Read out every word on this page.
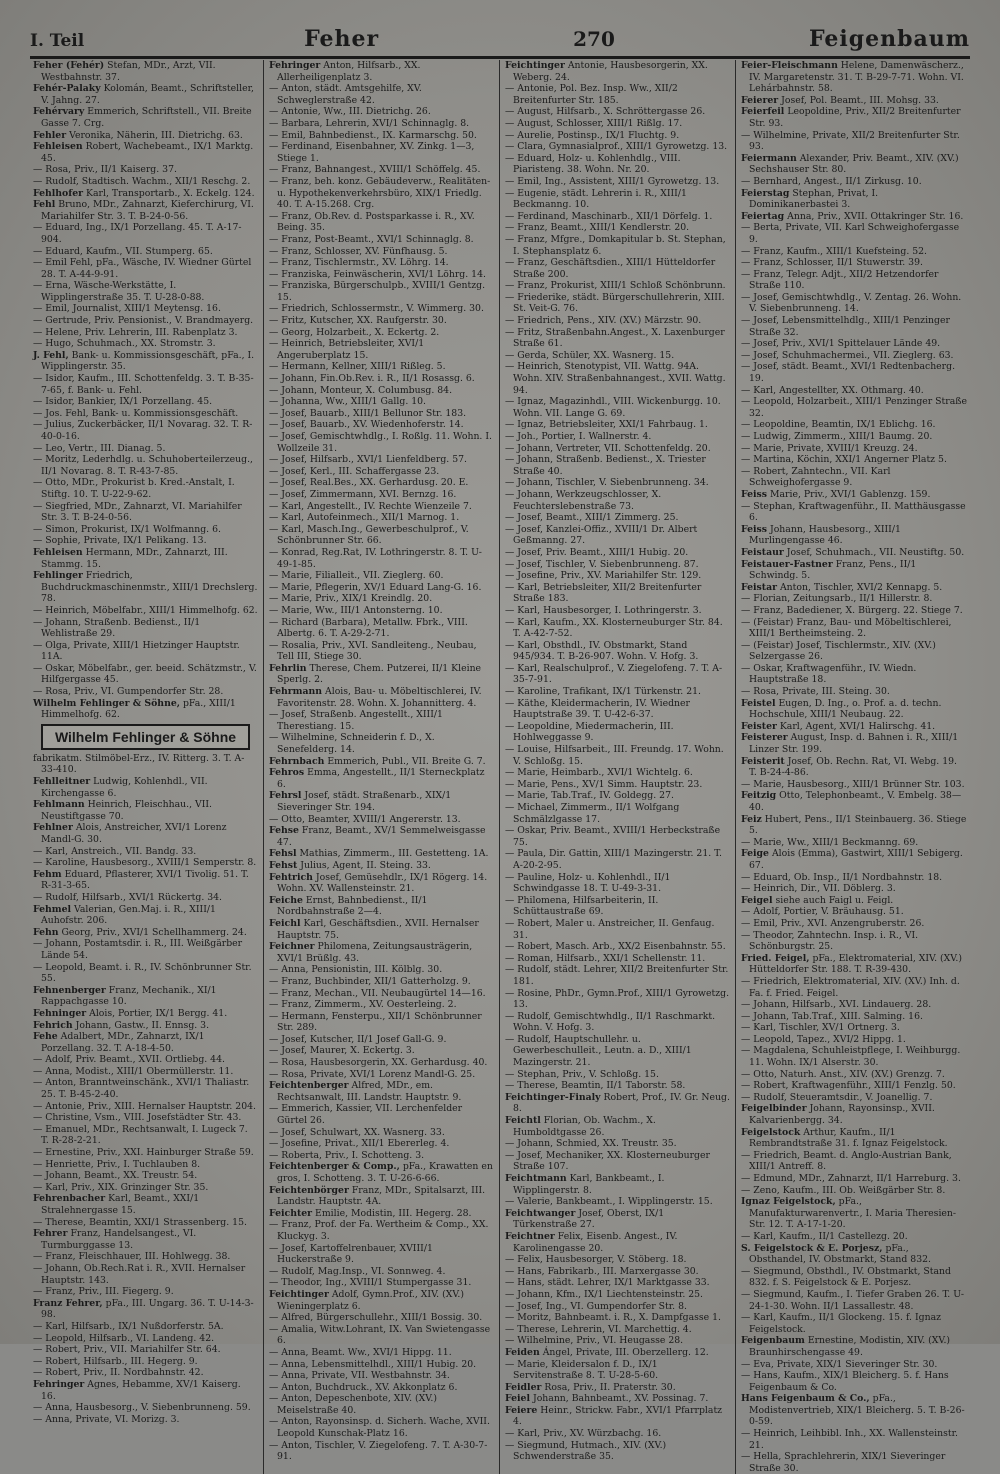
I. Teil	Feher	270	Feigenbaum

Feher (Fehér) Stefan, MDr., Arzt, VII. Westbahnstr. 37.

Fehér-Palaky Kolomán, Beamt., Schriftsteller, V. Jahng. 27.

Fehérvary Emmerich, Schriftstell., VII. Breite Gasse 7. Crg.

Fehler Veronika, Näherin, III. Dietrichg. 63.

Fehleisen Robert, Wachebeamt., IX/1 Marktg. 45.

— Rosa, Priv., II/1 Kaiserg. 37.

— Rudolf, Stadtisch. Wachm., XII/1 Reschg. 2.

Fehlhofer Karl, Transportarb., X. Eckelg. 124.

Fehl Bruno, MDr., Zahnarzt, Kieferchirurg, VI. Mariahilfer Str. 3. T. B-24-0-56.

— Eduard, Ing., IX/1 Porzellang. 45. T. A-17-904.

— Eduard, Kaufm., VII. Stumperg. 65.

— Emil Fehl, pFa., Wäsche, IV. Wiedner Gürtel 28. T. A-44-9-91.

— Erna, Wäsche-Werkstätte, I. Wipplingerstraße 35. T. U-28-0-88.

— Emil, Journalist, XIII/1 Meytensg. 16.

— Gertrude, Priv. Pensionist., V. Brandmayerg.

— Helene, Priv. Lehrerin, III. Rabenplatz 3.

— Hugo, Schuhmach., XX. Stromstr. 3.

J. Fehl, Bank- u. Kommissionsgeschäft, pFa., I. Wipplingerstr. 35.

— Isidor, Kaufm., III. Schottenfeldg. 3. T. B-35-7-65, f. Bank- u. Fehl.

— Isidor, Bankier, IX/1 Porzellang. 45.

— Jos. Fehl, Bank- u. Kommissionsgeschäft.

— Julius, Zuckerbäcker, II/1 Novarag. 32. T. R-40-0-16.

— Leo, Vertr., III. Dianag. 5.

— Moritz, Lederhdlg. u. Schuhoberteilerzeug., II/1 Novarag. 8. T. R-43-7-85.

— Otto, MDr., Prokurist b. Kred.-Anstalt, I. Stiftg. 10. T. U-22-9-62.

— Siegfried, MDr., Zahnarzt, VI. Mariahilfer Str. 3. T. B-24-0-56.

— Simon, Prokurist, IX/1 Wolfmanng. 6.

— Sophie, Private, IX/1 Pelikang. 13.

Fehleisen Hermann, MDr., Zahnarzt, III. Stammg. 15.

Fehlinger Friedrich, Buchdruckmaschinenmstr., XIII/1 Drechslerg. 78.

— Heinrich, Möbelfabr., XIII/1 Himmelhofg. 62.

— Johann, Straßenb. Bedienst., II/1 Wehlistraße 29.

— Olga, Private, XIII/1 Hietzinger Hauptstr. 11A.

— Oskar, Möbelfabr., ger. beeid. Schätzmstr., V. Hilfgergasse 45.

— Rosa, Priv., VI. Gumpendorfer Str. 28.

Wilhelm Fehlinger & Söhne, pFa., XIII/1 Himmelhofg. 62.

Wilhelm Fehlinger & Söhne

fabrikatm. Stilmöbel-Erz., IV. Ritterg. 3. T. A-33-410.

Fehlleitner Ludwig, Kohlenhdl., VII. Kirchengasse 6.

Fehlmann Heinrich, Fleischhau., VII. Neustiftgasse 70.

Fehlner Alois, Anstreicher, XVI/1 Lorenz Mandl-G. 30.

— Karl, Anstreich., VII. Bandg. 33.

— Karoline, Hausbesorg., XVIII/1 Semperstr. 8.

Fehm Eduard, Pflasterer, XVI/1 Tivolig. 51. T. R-31-3-65.

— Rudolf, Hilfsarb., XVI/1 Rückertg. 34.

Fehmel Valerian, Gen.Maj. i. R., XIII/1 Auhofstr. 206.

Fehn Georg, Priv., XVI/1 Schellhammerg. 24.

— Johann, Postamtsdir. i. R., III. Weißgärber Lände 54.

— Leopold, Beamt. i. R., IV. Schönbrunner Str. 55.

Fehnenberger Franz, Mechanik., XI/1 Rappachgasse 10.

Fehninger Alois, Portier, IX/1 Bergg. 41.

Fehrich Johann, Gastw., II. Ennsg. 3.

Fehe Adalbert, MDr., Zahnarzt, IX/1 Porzellang. 32. T. A-18-4-50.

— Adolf, Priv. Beamt., XVII. Ortliebg. 44.

— Anna, Modist., XIII/1 Obermüllerstr. 11.

— Anton, Branntweinschänk., XVI/1 Thaliastr. 25. T. B-45-2-40.

— Antonie, Priv., XIII. Hernalser Hauptstr. 204.

— Christine, Vsm., VIII. Josefstädter Str. 43.

— Emanuel, MDr., Rechtsanwalt, I. Lugeck 7. T. R-28-2-21.

— Ernestine, Priv., XXI. Hainburger Straße 59.

— Henriette, Priv., I. Tuchlauben 8.

— Johann, Beamt., XX. Treustr. 54.

— Karl, Priv., XIX. Grinzinger Str. 35.

Fehrenbacher Karl, Beamt., XXI/1 Stralehnergasse 15.

— Therese, Beamtin, XXI/1 Strassenberg. 15.

Fehrer Franz, Handelsangest., VI. Turmburggasse 13.

— Franz, Fleischhauer, III. Hohlwegg. 38.

— Johann, Ob.Rech.Rat i. R., XVII. Hernalser Hauptstr. 143.

— Franz, Priv., III. Fiegerg. 9.

Franz Fehrer, pFa., III. Ungarg. 36. T. U-14-3-98.

— Karl, Hilfsarb., IX/1 Nußdorferstr. 5A.

— Leopold, Hilfsarb., VI. Landeng. 42.

— Robert, Priv., VII. Mariahilfer Str. 64.

— Robert, Hilfsarb., III. Hegerg. 9.

— Robert, Priv., II. Nordbahnstr. 42.

Fehringer Agnes, Hebamme, XV/1 Kaiserg. 16.

— Anna, Hausbesorg., V. Siebenbrunneng. 59.

— Anna, Private, VI. Morizg. 3.

Fehringer Anton, Hilfsarb., XX. Allerheiligenplatz 3.

— Anton, städt. Amtsgehilfe, XV. Schweglerstraße 42.

— Antonie, Ww., III. Dietrichg. 26.

— Barbara, Lehrerin, XVI/1 Schinnaglg. 8.

— Emil, Bahnbedienst., IX. Karmarschg. 50.

— Ferdinand, Eisenbahner, XV. Zinkg. 1—3, Stiege 1.

— Franz, Bahnangest., XVIII/1 Schöffelg. 45.

— Franz, beh. konz. Gebäudeverw., Realitäten-u. Hypothekenverkehrsbüro, XIX/1 Friedlg. 40. T. A-15.268. Crg.

— Franz, Ob.Rev. d. Postsparkasse i. R., XV. Being. 35.

— Franz, Post-Beamt., XVI/1 Schinnaglg. 8.

— Franz, Schlosser, XV. Fünfhausg. 5.

— Franz, Tischlermstr., XV. Löhrg. 14.

— Franziska, Feinwäscherin, XVI/1 Löhrg. 14.

— Franziska, Bürgerschulpb., XVIII/1 Gentzg. 15.

— Friedrich, Schlossermstr., V. Wimmerg. 30.

— Fritz, Kutscher, XX. Raufgerstr. 30.

— Georg, Holzarbeit., X. Eckertg. 2.

— Heinrich, Betriebsleiter, XVI/1 Angeruberplatz 15.

— Hermann, Kellner, XIII/1 Rißleg. 5.

— Johann, Fin.Ob.Rev. i. R., II/1 Rosassg. 6.

— Johann, Monteur, X. Columbusg. 84.

— Johanna, Ww., XIII/1 Gallg. 10.

— Josef, Bauarb., XIII/1 Bellunor Str. 183.

— Josef, Bauarb., XV. Wiedenhoferstr. 14.

— Josef, Gemischtwhdlg., I. Roßlg. 11. Wohn. I. Wollzeile 31.

— Josef, Hilfsarb., XVI/1 Lienfeldberg. 57.

— Josef, Kerl., III. Schaffergasse 23.

— Josef, Real.Bes., XX. Gerhardusg. 20. E.

— Josef, Zimmermann, XVI. Bernzg. 16.

— Karl, Angestellt., IV. Rechte Wienzeile 7.

— Karl, Autofeinmech., XII/1 Marnog. 1.

— Karl, Masch.Ing., Gewerbeschulprof., V. Schönbrunner Str. 66.

— Konrad, Reg.Rat, IV. Lothringerstr. 8. T. U-49-1-85.

— Marie, Filialleit., VII. Zieglerg. 60.

— Marie, Pflegerin, XV/1 Eduard Lang-G. 16.

— Marie, Priv., XIX/1 Kreindlg. 20.

— Marie, Ww., III/1 Antonsterng. 10.

— Richard (Barbara), Metallw. Fbrk., VIII. Albertg. 6. T. A-29-2-71.

— Rosalia, Priv., XVI. Sandleiteng., Neubau, Tell III, Stiege 30.

Fehrlin Therese, Chem. Putzerei, II/1 Kleine Sperlg. 2.

Fehrmann Alois, Bau- u. Möbeltischlerei, IV. Favoritenstr. 28. Wohn. X. Johannitterg. 4.

— Josef, Straßenb. Angestellt., XIII/1 Therestiang. 15.

— Wilhelmine, Schneiderin f. D., X. Senefelderg. 14.

Fehrnbach Emmerich, Publ., VII. Breite G. 7.

Fehros Emma, Angestellt., II/1 Sterneckplatz 6.

Fehrsl Josef, städt. Straßenarb., XIX/1 Sieveringer Str. 194.

— Otto, Beamter, XVIII/1 Angererstr. 13.

Fehse Franz, Beamt., XV/1 Semmelweisgasse 47.

Fehsl Mathias, Zimmerm., III. Gestetteng. 1A.

Fehst Julius, Agent, II. Steing. 33.

Fehtrich Josef, Gemüsehdlr., IX/1 Rögerg. 14. Wohn. XV. Wallensteinstr. 21.

Feiche Ernst, Bahnbedienst., II/1 Nordbahnstraße 2—4.

Feichl Karl, Geschäftsdien., XVII. Hernalser Hauptstr. 75.

Feichner Philomena, Zeitungsausträgerin, XVI/1 Brüßlg. 43.

— Anna, Pensionistin, III. Kölblg. 30.

— Franz, Buchbinder, XII/1 Gatterholzg. 9.

— Franz, Mechan., VII. Neubaugürtel 14—16.

— Franz, Zimmerm., XV. Oesterleing. 2.

— Hermann, Fensterpu., XII/1 Schönbrunner Str. 289.

— Josef, Kutscher, II/1 Josef Gall-G. 9.

— Josef, Maurer, X. Eckertg. 3.

— Rosa, Hausbesorgerin, XX. Gerhardusg. 40.

— Rosa, Private, XVI/1 Lorenz Mandl-G. 25.

Feichtenberger Alfred, MDr., em. Rechtsanwalt, III. Landstr. Hauptstr. 9.

— Emmerich, Kassier, VII. Lerchenfelder Gürtel 26.

— Josef, Schulwart, XX. Wasnerg. 33.

— Josefine, Privat., XII/1 Ebererleg. 4.

— Roberta, Priv., I. Schotteng. 3.

Feichtenberger & Comp., pFa., Krawatten en gros, I. Schotteng. 3. T. U-26-6-66.

Feichtenbörger Franz, MDr., Spitalsarzt, III. Landstr. Hauptstr. 4A.

Feichter Emilie, Modistin, III. Hegerg. 28.

— Franz, Prof. der Fa. Wertheim & Comp., XX. Kluckyg. 3.

— Josef, Kartoffelrenbauer, XVIII/1 Huckerstraße 9.

— Rudolf, Mag.Insp., VI. Sonnweg. 4.

— Theodor, Ing., XVIII/1 Stumpergasse 31.

Feichtinger Adolf, Gymn.Prof., XIV. (XV.) Wieningerplatz 6.

— Alfred, Bürgerschullehr., XIII/1 Bossig. 30.

— Amalia, Witw.Lohrant, IX. Van Swietengasse 6.

— Anna, Beamt. Ww., XVI/1 Hippg. 11.

— Anna, Lebensmittelhdl., XIII/1 Hubig. 20.

— Anna, Private, VII. Westbahnstr. 34.

— Anton, Buchdruck., XV. Akkonplatz 6.

— Anton, Depeschenbote, XIV. (XV.) Meiselstraße 40.

— Anton, Rayonsinsp. d. Sicherh. Wache, XVII. Leopold Kunschak-Platz 16.

— Anton, Tischler, V. Ziegelofeng. 7. T. A-30-7-91.

Feichtinger Antonie, Hausbesorgerin, XX. Weberg. 24.

— Antonie, Pol. Bez. Insp. Ww., XII/2 Breitenfurter Str. 185.

— August, Hilfsarb., X. Schröttergasse 26.

— August, Schlosser, XIII/1 Rißlg. 17.

— Aurelie, Postinsp., IX/1 Fluchtg. 9.

— Clara, Gymnasialprof., XIII/1 Gyrowetzg. 13.

— Eduard, Holz- u. Kohlenhdlg., VIII. Piaristeng. 38. Wohn. Nr. 20.

— Emil, Ing., Assistent, XIII/1 Gyrowetzg. 13.

— Eugenie, städt. Lehrerin i. R., XIII/1 Beckmanng. 10.

— Ferdinand, Maschinarb., XII/1 Dörfelg. 1.

— Franz, Beamt., XIII/1 Kendlerstr. 20.

— Franz, Mfgre., Domkapitular b. St. Stephan, I. Stephansplatz 6.

— Franz, Geschäftsdien., XIII/1 Hütteldorfer Straße 200.

— Franz, Prokurist, XIII/1 Schloß Schönbrunn.

— Friederike, städt. Bürgerschullehrerin, XIII. St. Veit-G. 76.

— Friedrich, Pens., XIV. (XV.) Märzstr. 90.

— Fritz, Straßenbahn.Angest., X. Laxenburger Straße 61.

— Gerda, Schüler, XX. Wasnerg. 15.

— Heinrich, Stenotypist, VII. Wattg. 94A. Wohn. XIV. Straßenbahnangest., XVII. Wattg. 94.

— Ignaz, Magazinhdl., VIII. Wickenburgg. 10. Wohn. VII. Lange G. 69.

— Ignaz, Betriebsleiter, XXI/1 Fahrbaug. 1.

— Joh., Portier, I. Wallnerstr. 4.

— Johann, Vertreter, VII. Schottenfeldg. 20.

— Johann, Straßenb. Bedienst., X. Triester Straße 40.

— Johann, Tischler, V. Siebenbrunneng. 34.

— Johann, Werkzeugschlosser, X. Feuchterslebenstraße 73.

— Josef, Beamt., XIII/1 Zimmerg. 25.

— Josef, Kanzlei-Offiz., XVIII/1 Dr. Albert Geßmanng. 27.

— Josef, Priv. Beamt., XIII/1 Hubig. 20.

— Josef, Tischler, V. Siebenbrunneng. 87.

— Josefine, Priv., XV. Mariahilfer Str. 129.

— Karl, Betriebsleiter, XII/2 Breitenfurter Straße 183.

— Karl, Hausbesorger, I. Lothringerstr. 3.

— Karl, Kaufm., XX. Klosterneuburger Str. 84. T. A-42-7-52.

— Karl, Obsthdl., IV. Obstmarkt, Stand 945/934. T. B-26-907. Wohn. V. Hofg. 3.

— Karl, Realschulprof., V. Ziegelofeng. 7. T. A-35-7-91.

— Karoline, Trafikant, IX/1 Türkenstr. 21.

— Käthe, Kleidermacherin, IV. Wiedner Hauptstraße 39. T. U-42-6-37.

— Leopoldine, Miedermacherin, III. Hohlweggasse 9.

— Louise, Hilfsarbeit., III. Freundg. 17. Wohn. V. Schloßg. 15.

— Marie, Heimbarb., XVI/1 Wichtelg. 6.

— Marie, Pens., XV/1 Simm. Hauptstr. 23.

— Marie, Tab.Traf., IV. Goldegg. 27.

— Michael, Zimmerm., II/1 Wolfgang Schmälzlgasse 17.

— Oskar, Priv. Beamt., XVIII/1 Herbeckstraße 75.

— Paula, Dir. Gattin, XIII/1 Mazingerstr. 21. T. A-20-2-95.

— Pauline, Holz- u. Kohlenhdl., II/1 Schwindgasse 18. T. U-49-3-31.

— Philomena, Hilfsarbeiterin, II. Schüttaustraße 69.

— Robert, Maler u. Anstreicher, II. Genfaug. 31.

— Robert, Masch. Arb., XX/2 Eisenbahnstr. 55.

— Roman, Hilfsarb., XXI/1 Schellenstr. 11.

— Rudolf, städt. Lehrer, XII/2 Breitenfurter Str. 181.

— Rosine, PhDr., Gymn.Prof., XIII/1 Gyrowetzg. 13.

— Rudolf, Gemischtwhdlg., II/1 Raschmarkt. Wohn. V. Hofg. 3.

— Rudolf, Hauptschullehr. u. Gewerbeschulleit., Leutn. a. D., XIII/1 Mazingerstr. 21.

— Stephan, Priv., V. Schloßg. 15.

— Therese, Beamtin, II/1 Taborstr. 58.

Feichtinger-Finaly Robert, Prof., IV. Gr. Neug. 8.

Feichtl Florian, Ob. Wachm., X. Humboldtgasse 26.

— Johann, Schmied, XX. Treustr. 35.

— Josef, Mechaniker, XX. Klosterneuburger Straße 107.

Feichtmann Karl, Bankbeamt., I. Wipplingerstr. 8.

— Valerie, Bankbeamt., I. Wipplingerstr. 15.

Feichtwanger Josef, Oberst, IX/1 Türkenstraße 27.

Feichtner Felix, Eisenb. Angest., IV. Karolinengasse 20.

— Felix, Hausbesorger, V. Stöberg. 18.

— Hans, Fabrikarb., III. Marxergasse 30.

— Hans, städt. Lehrer, IX/1 Marktgasse 33.

— Johann, Kfm., IX/1 Liechtensteinstr. 25.

— Josef, Ing., VI. Gumpendorfer Str. 8.

— Moritz, Bahnbeamt. i. R., X. Dampfgasse 1.

— Therese, Lehrerin, VI. Marchettig. 4.

— Wilhelmine, Priv., VI. Heugasse 28.

Feiden Ángel, Private, III. Oberzellerg. 12.

— Marie, Kleidersalon f. D., IX/1 Servitenstraße 8. T. U-28-5-60.

Feidler Rosa, Priv., II. Praterstr. 30.

Feiel Johann, Bahnbeamt., XV. Possinag. 7.

Feiere Heinr., Strickw. Fabr., XVI/1 Pfarrplatz 4.

— Karl, Priv., XV. Würzbachg. 16.

— Siegmund, Hutmach., XIV. (XV.) Schwenderstraße 35.

Feier-Fleischmann Helene, Damenwäscherz., IV. Margaretenstr. 31. T. B-29-7-71. Wohn. VI. Lehárbahnstr. 58.

Feierer Josef, Pol. Beamt., III. Mohsg. 33.

Feierfeil Leopoldine, Priv., XII/2 Breitenfurter Str. 93.

— Wilhelmine, Private, XII/2 Breitenfurter Str. 93.

Feiermann Alexander, Priv. Beamt., XIV. (XV.) Sechshauser Str. 80.

— Bernhard, Angest., II/1 Zirkusg. 10.

Feierstag Stephan, Privat, I. Dominikanerbastei 3.

Feiertag Anna, Priv., XVII. Ottakringer Str. 16.

— Berta, Private, VII. Karl Schweighofergasse 9.

— Franz, Kaufm., XIII/1 Kuefsteing. 52.

— Franz, Schlosser, II/1 Stuwerstr. 39.

— Franz, Telegr. Adjt., XII/2 Hetzendorfer Straße 110.

— Josef, Gemischtwhdlg., V. Zentag. 26. Wohn. V. Siebenbrunneng. 14.

— Josef, Lebensmittelhdlg., XIII/1 Penzinger Straße 32.

— Josef, Priv., XVI/1 Spittelauer Lände 49.

— Josef, Schuhmachermei., VII. Zieglerg. 63.

— Josef, städt. Beamt., XVI/1 Redtenbacherg. 19.

— Karl, Angestellter, XX. Othmarg. 40.

— Leopold, Holzarbeit., XIII/1 Penzinger Straße 32.

— Leopoldine, Beamtin, IX/1 Eblichg. 16.

— Ludwig, Zimmerm., XIII/1 Baumg. 20.

— Marie, Private, XVIII/1 Kreuzg. 24.

— Martina, Köchin, XXI/1 Angerner Platz 5.

— Robert, Zahntechn., VII. Karl Schweighofergasse 9.

Feiss Marie, Priv., XVI/1 Gablenzg. 159.

— Stephan, Kraftwagenführ., II. Matthäusgasse 6.

Feiss Johann, Hausbesorg., XIII/1 Murlingengasse 46.

Feistaur Josef, Schuhmach., VII. Neustiftg. 50.

Feistauer-Fastner Franz, Pens., II/1 Schwindg. 5.

Feistar Anton, Tischler, XVI/2 Kennapg. 5.

— Florian, Zeitungsarb., II/1 Hillerstr. 8.

— Franz, Badediener, X. Bürgerg. 22. Stiege 7.

— (Feistar) Franz, Bau- und Möbeltischlerei, XIII/1 Bertheimsteing. 2.

— (Feistar) Josef, Tischlermstr., XIV. (XV.) Selzergasse 26.

— Oskar, Kraftwagenführ., IV. Wiedn. Hauptstraße 18.

— Rosa, Private, III. Steing. 30.

Feistel Eugen, D. Ing., o. Prof. a. d. techn. Hochschule, XIII/1 Neubaug. 22.

Feister Karl, Agent, XVI/1 Halirschg. 41.

Feisterer August, Insp. d. Bahnen i. R., XIII/1 Linzer Str. 199.

Feisterit Josef, Ob. Rechn. Rat, VI. Webg. 19. T. B-24-4-86.

— Marie, Hausbesorg., XIII/1 Brünner Str. 103.

Feitzig Otto, Telephonbeamt., V. Embelg. 38—40.

Feiz Hubert, Pens., II/1 Steinbauerg. 36. Stiege 5.

— Marie, Ww., XIII/1 Beckmanng. 69.

Feige Alois (Emma), Gastwirt, XIII/1 Sebigerg. 67.

— Eduard, Ob. Insp., II/1 Nordbahnstr. 18.

— Heinrich, Dir., VII. Döblerg. 3.

Feigel siehe auch Faigl u. Feigl.

— Adolf, Portier, V. Bräuhausg. 51.

— Emil, Priv., XVI. Anzengruberstr. 26.

— Theodor, Zahntechn. Insp. i. R., VI. Schönburgstr. 25.

Fried. Feigel, pFa., Elektromaterial, XIV. (XV.) Hütteldorfer Str. 188. T. R-39-430.

— Friedrich, Elektromaterial, XIV. (XV.) Inh. d. Fa. f. Fried. Feigel.

— Johann, Hilfsarb., XVI. Lindauerg. 28.

— Johann, Tab.Traf., XIII. Salming. 16.

— Karl, Tischler, XV/1 Ortnerg. 3.

— Leopold, Tapez., XVI/2 Hippg. 1.

— Magdalena, Schuhleistpflege, I. Weihburgg. 11. Wohn. IX/1 Alserstr. 30.

— Otto, Naturh. Anst., XIV. (XV.) Grenzg. 7.

— Robert, Kraftwagenführ., XIII/1 Fenzlg. 50.

— Rudolf, Steueramtsdir., V. Joanellig. 7.

Feigelbinder Johann, Rayonsinsp., XVII. Kalvarienbergg. 34.

Feigelstock Arthur, Kaufm., II/1 Rembrandtstraße 31. f. Ignaz Feigelstock.

— Friedrich, Beamt. d. Anglo-Austrian Bank, XIII/1 Antreff. 8.

— Edmund, MDr., Zahnarzt, II/1 Harreburg. 3.

— Zeno, Kaufm., III. Ob. Weißgärber Str. 8.

Ignaz Feigelstock, pFa., Manufakturwarenvertr., I. Maria Theresien-Str. 12. T. A-17-1-20.

— Karl, Kaufm., II/1 Castellezg. 20.

S. Feigelstock & E. Porjesz, pFa., Obsthandel, IV. Obstmarkt, Stand 832.

— Siegmund, Obsthdl., IV. Obstmarkt, Stand 832. f. S. Feigelstock & E. Porjesz.

— Siegmund, Kaufm., I. Tiefer Graben 26. T. U-24-1-30. Wohn. II/1 Lassallestr. 48.

— Karl, Kaufm., II/1 Glockeng. 15. f. Ignaz Feigelstock.

Feigenbaum Ernestine, Modistin, XIV. (XV.) Braunhirschengasse 49.

— Eva, Private, XIX/1 Sieveringer Str. 30.

— Hans, Kaufm., XIX/1 Bleicherg. 5. f. Hans Feigenbaum & Co.

Hans Feigenbaum & Co., pFa., Modistenvertrieb, XIX/1 Bleicherg. 5. T. B-26-0-59.

— Heinrich, Leihbibl. Inh., XX. Wallensteinstr. 21.

— Hella, Sprachlehrerin, XIX/1 Sieveringer Straße 30.
